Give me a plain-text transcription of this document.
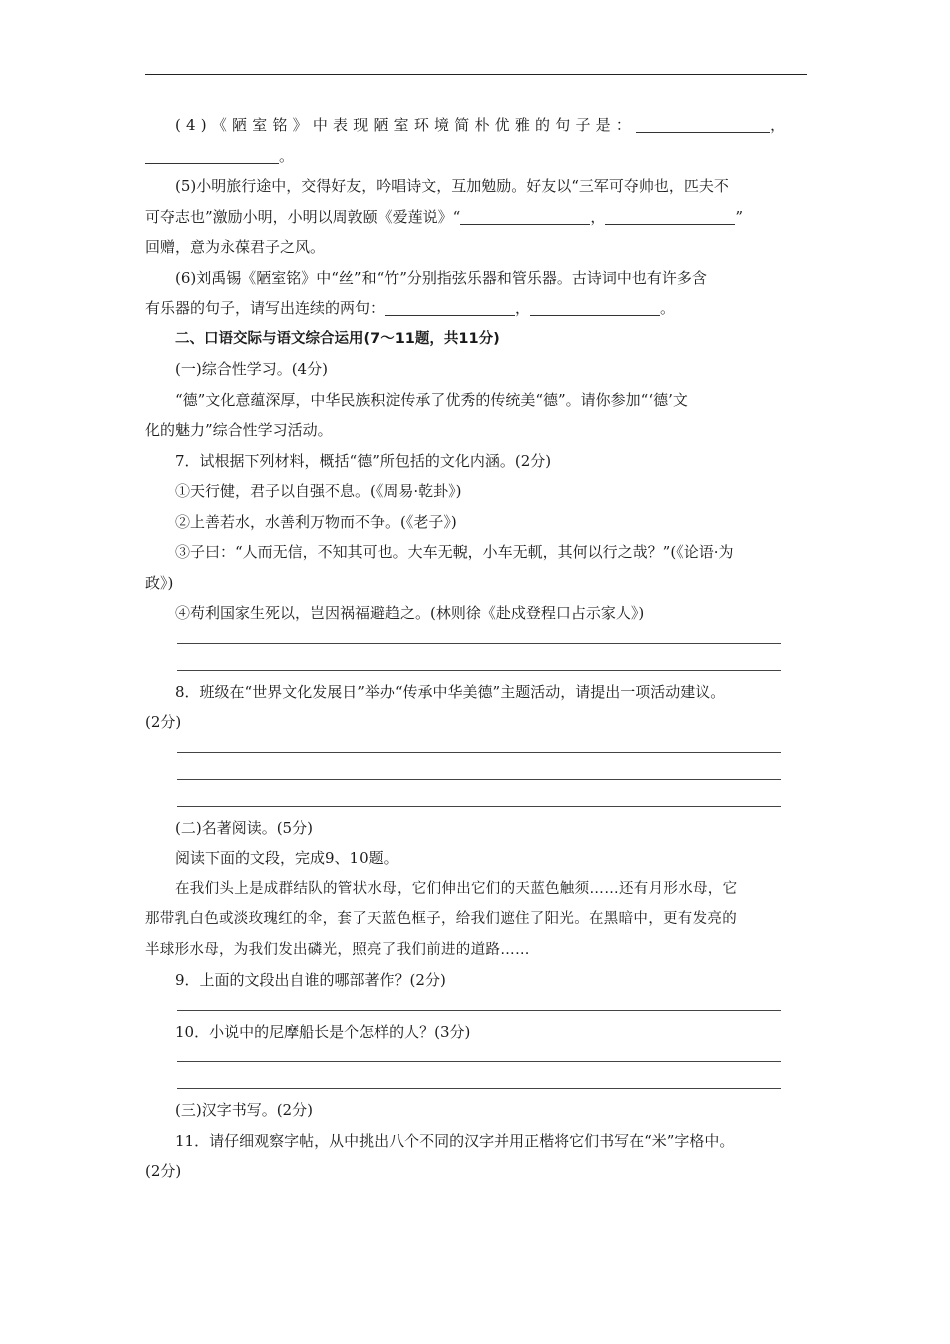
(4)《陋室铭》中表现陋室环境简朴优雅的句子是：	，

。

(5)小明旅行途中，交得好友，吟唱诗文，互加勉励。好友以“三军可夺帅也，匹夫不

可夺志也”激励小明，小明以周敦颐《爱莲说》“	，	”

回赠，意为永葆君子之风。

(6)刘禹锡《陋室铭》中“丝”和“竹”分别指弦乐器和管乐器。古诗词中也有许多含

有乐器的句子，请写出连续的两句：	，	。

二、口语交际与语文综合运用(7～11题，共11分)

(一)综合性学习。(4分)

“德”文化意蕴深厚，中华民族积淀传承了优秀的传统美“德”。请你参加“‘德’文

化的魅力”综合性学习活动。

7．试根据下列材料，概括“德”所包括的文化内涵。(2分)

①天行健，君子以自强不息。(《周易·乾卦》)

②上善若水，水善利万物而不争。(《老子》)

③子曰：“人而无信，不知其可也。大车无輗，小车无軏，其何以行之哉？”(《论语·为

政》)

④苟利国家生死以，岂因祸福避趋之。(林则徐《赴戍登程口占示家人》)

8．班级在“世界文化发展日”举办“传承中华美德”主题活动，请提出一项活动建议。

(2分)

(二)名著阅读。(5分)

阅读下面的文段，完成9、10题。

在我们头上是成群结队的管状水母，它们伸出它们的天蓝色触须……还有月形水母，它

那带乳白色或淡玫瑰红的伞，套了天蓝色框子，给我们遮住了阳光。在黑暗中，更有发亮的

半球形水母，为我们发出磷光，照亮了我们前进的道路……

9．上面的文段出自谁的哪部著作？(2分)

10．小说中的尼摩船长是个怎样的人？(3分)

(三)汉字书写。(2分)

11．请仔细观察字帖，从中挑出八个不同的汉字并用正楷将它们书写在“米”字格中。

(2分)
